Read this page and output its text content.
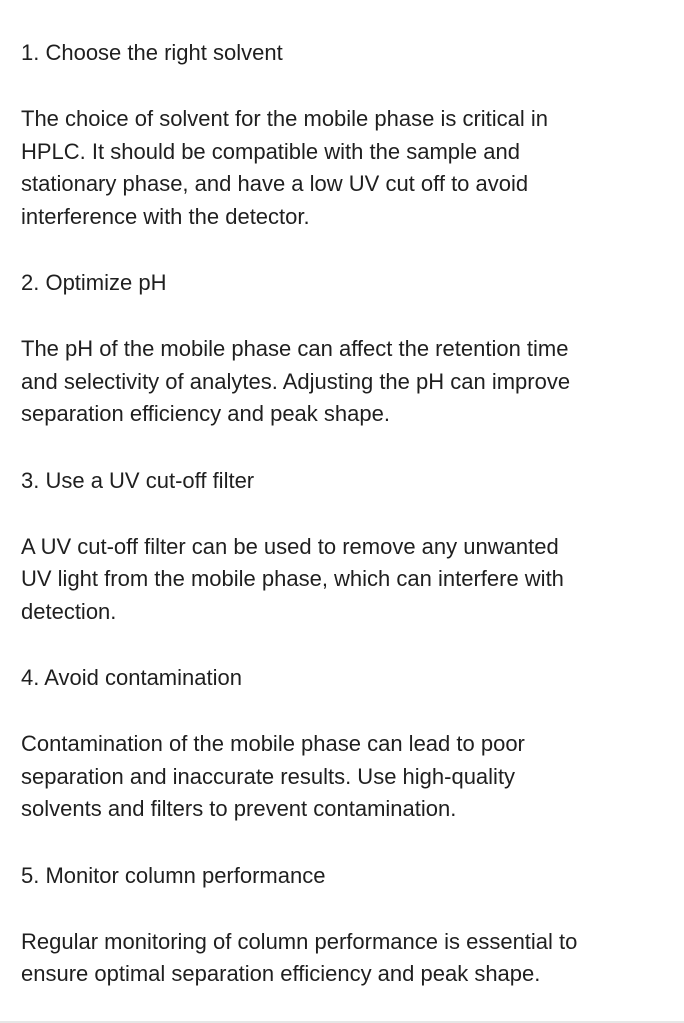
1. Choose the right solvent
The choice of solvent for the mobile phase is critical in
HPLC. It should be compatible with the sample and
stationary phase, and have a low UV cut off to avoid
interference with the detector.
2. Optimize pH
The pH of the mobile phase can affect the retention time
and selectivity of analytes. Adjusting the pH can improve
separation efficiency and peak shape.
3. Use a UV cut-off filter
A UV cut-off filter can be used to remove any unwanted
UV light from the mobile phase, which can interfere with
detection.
4. Avoid contamination
Contamination of the mobile phase can lead to poor
separation and inaccurate results. Use high-quality
solvents and filters to prevent contamination.
5. Monitor column performance
Regular monitoring of column performance is essential to
ensure optimal separation efficiency and peak shape.
